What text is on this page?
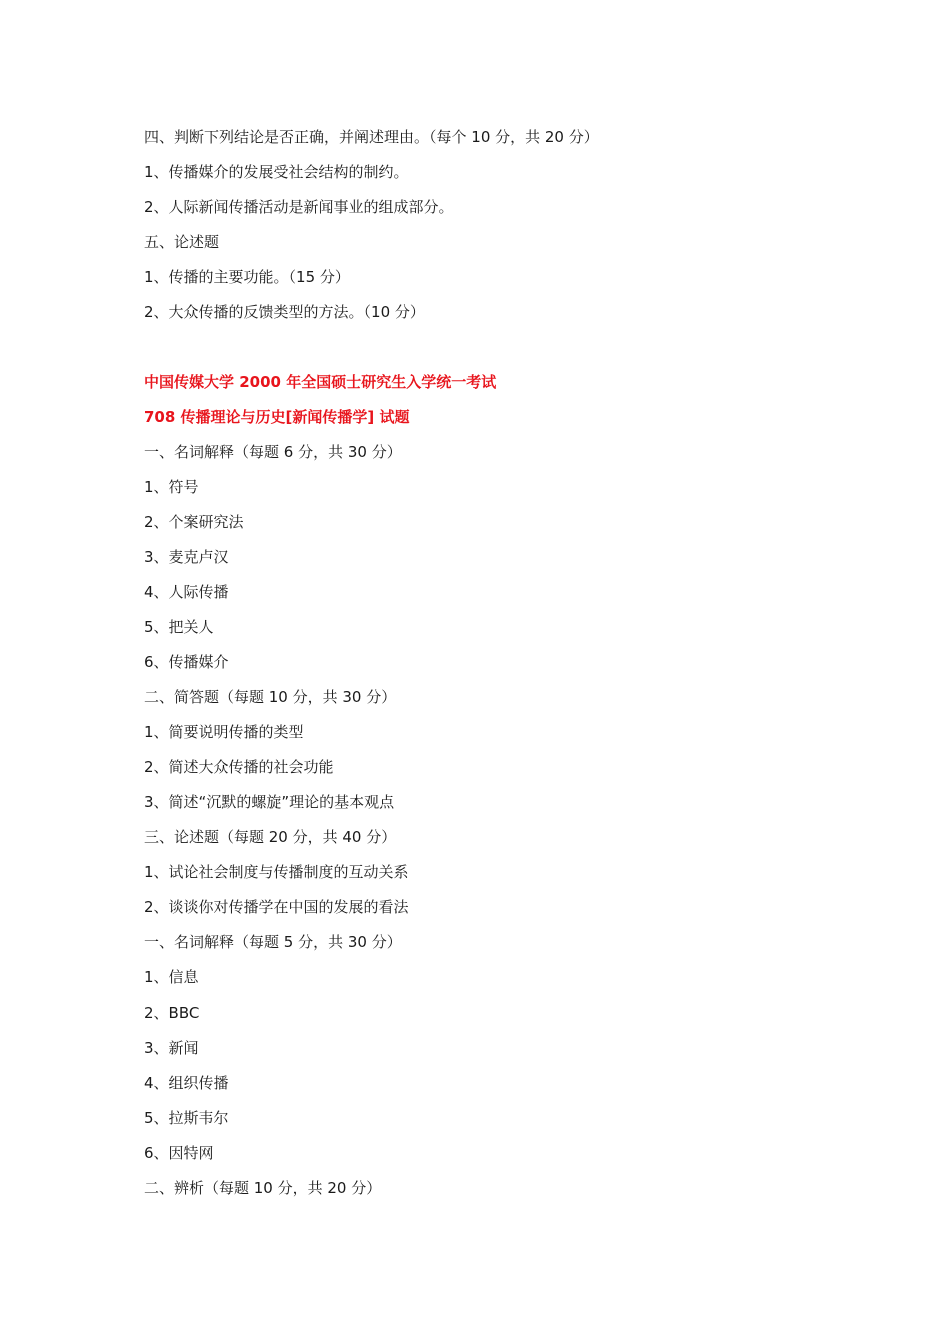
四、判断下列结论是否正确，并阐述理由。（每个 10 分，共 20 分）
1、传播媒介的发展受社会结构的制约。
2、人际新闻传播活动是新闻事业的组成部分。
五、论述题
1、传播的主要功能。（15 分）
2、大众传播的反馈类型的方法。（10 分）
中国传媒大学 2000 年全国硕士研究生入学统一考试
708 传播理论与历史[新闻传播学] 试题
一、名词解释（每题 6 分，共 30 分）
1、符号
2、个案研究法
3、麦克卢汉
4、人际传播
5、把关人
6、传播媒介
二、简答题（每题 10 分，共 30 分）
1、简要说明传播的类型
2、简述大众传播的社会功能
3、简述“沉默的螺旋”理论的基本观点
三、论述题（每题 20 分，共 40 分）
1、试论社会制度与传播制度的互动关系
2、谈谈你对传播学在中国的发展的看法
一、名词解释（每题 5 分，共 30 分）
1、信息
2、BBC
3、新闻
4、组织传播
5、拉斯韦尔
6、因特网
二、辨析（每题 10 分，共 20 分）
